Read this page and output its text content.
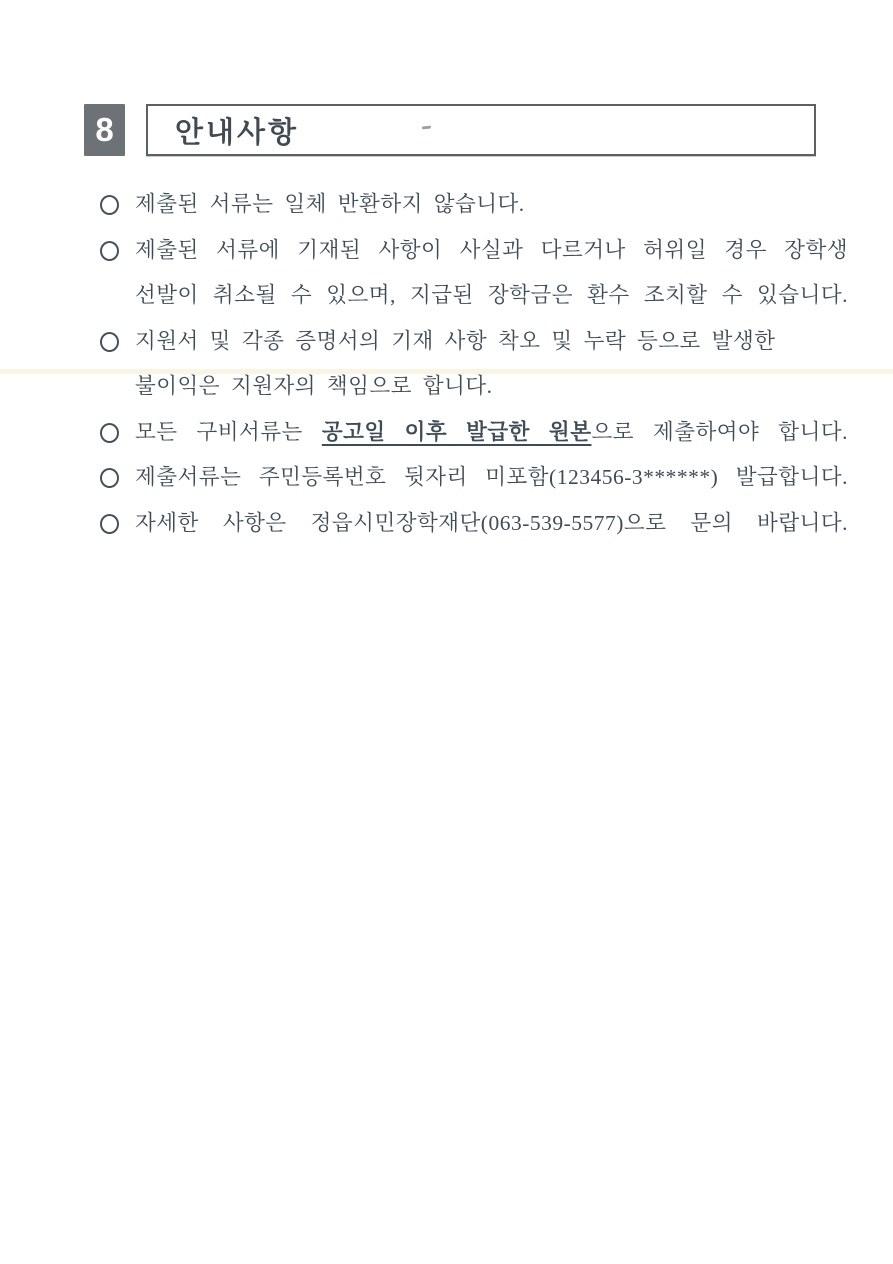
8 안내사항
제출된 서류는 일체 반환하지 않습니다.
제출된 서류에 기재된 사항이 사실과 다르거나 허위일 경우 장학생
선발이 취소될 수 있으며, 지급된 장학금은 환수 조치할 수 있습니다.
지원서 및 각종 증명서의 기재 사항 착오 및 누락 등으로 발생한
불이익은 지원자의 책임으로 합니다.
모든 구비서류는 공고일 이후 발급한 원본으로 제출하여야 합니다.
제출서류는 주민등록번호 뒷자리 미포함(123456-3******) 발급합니다.
자세한 사항은 정읍시민장학재단(063-539-5577)으로 문의 바랍니다.
